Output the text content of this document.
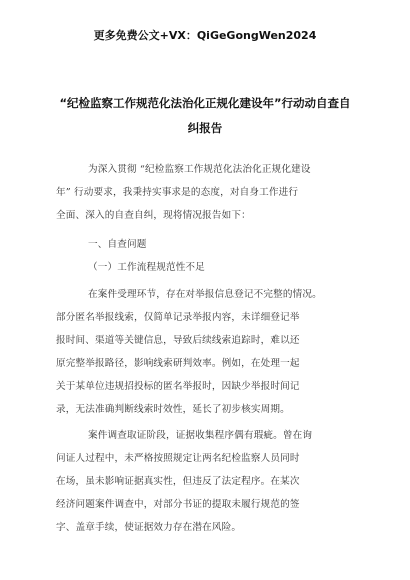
更多免费公文+VX：QiGeGongWen2024
“纪检监察工作规范化法治化正规化建设年”行动动自查自
纠报告
为深入贯彻 “纪检监察工作规范化法治化正规化建设
年” 行动要求，我秉持实事求是的态度，对自身工作进行
全面、深入的自查自纠，现将情况报告如下：
一、自查问题
（一）工作流程规范性不足
在案件受理环节，存在对举报信息登记不完整的情况。
部分匿名举报线索，仅简单记录举报内容，未详细登记举
报时间、渠道等关键信息，导致后续线索追踪时，难以还
原完整举报路径，影响线索研判效率。例如，在处理一起
关于某单位违规招投标的匿名举报时，因缺少举报时间记
录，无法准确判断线索时效性，延长了初步核实周期。
案件调查取证阶段，证据收集程序偶有瑕疵。曾在询
问证人过程中，未严格按照规定让两名纪检监察人员同时
在场，虽未影响证据真实性，但违反了法定程序。在某次
经济问题案件调查中，对部分书证的提取未履行规范的签
字、盖章手续，使证据效力存在潜在风险。
